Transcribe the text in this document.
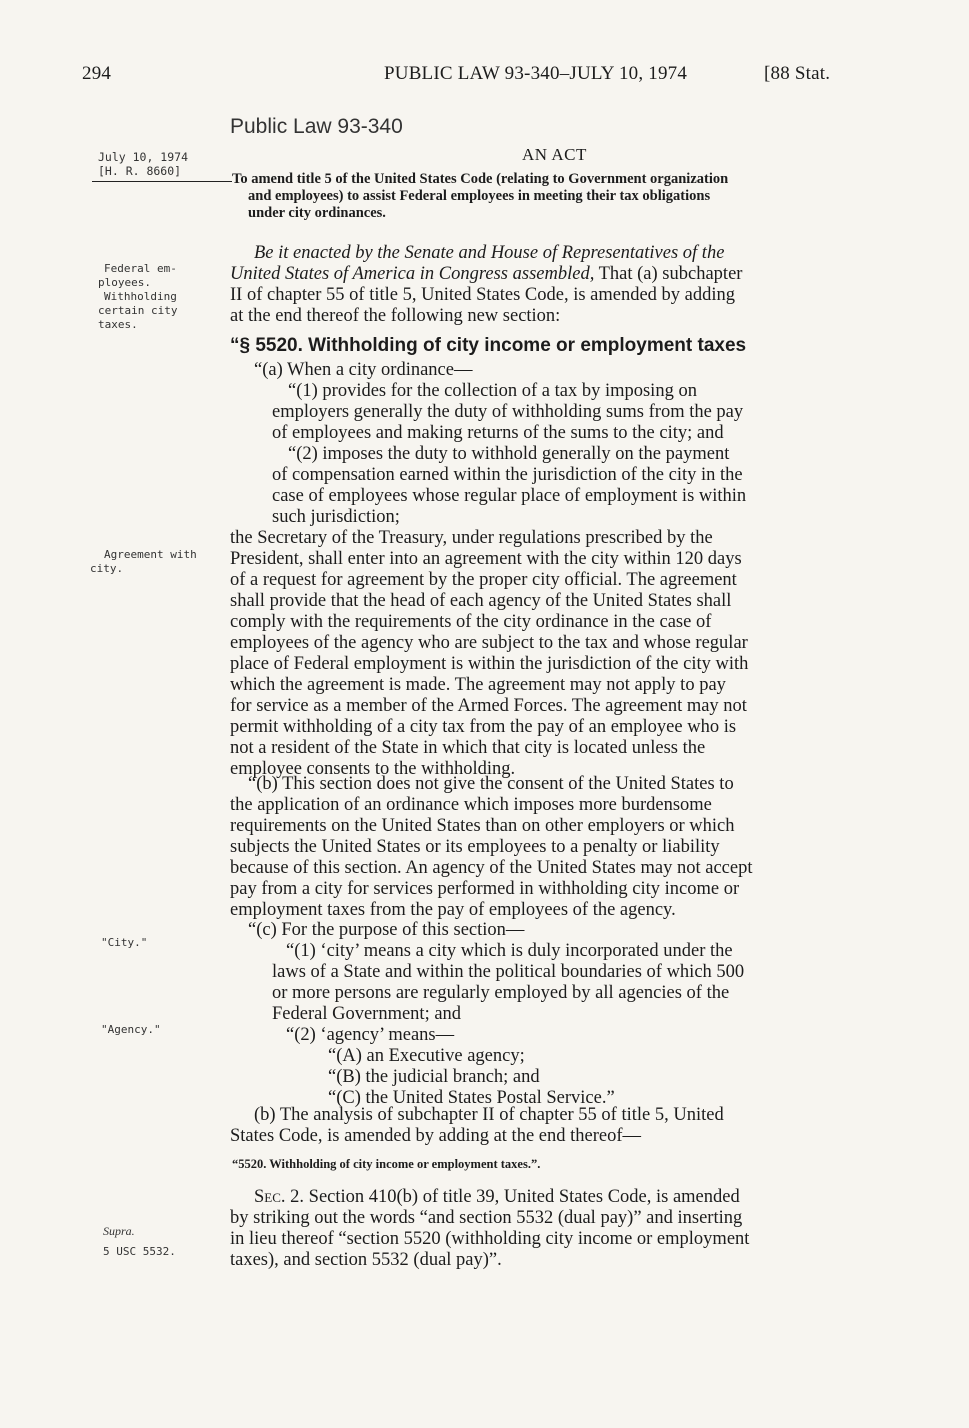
294	PUBLIC LAW 93-340–JULY 10, 1974	[88 Stat.
Public Law 93-340
AN ACT
July 10, 1974
[H. R. 8660]	To amend title 5 of the United States Code (relating to Government organization
and employees) to assist Federal employees in meeting their tax obligations
under city ordinances.
Federal em-
ployees.
Withholding
certain city
taxes.
Agreement with
city.
"City."
"Agency."
Supra.
5 USC 5532.

Be it enacted by the Senate and House of Representatives of the

United States of America in Congress assembled, That (a) subchapter

II of chapter 55 of title 5, United States Code, is amended by adding

at the end thereof the following new section:

“§ 5520. Withholding of city income or employment taxes

“(a) When a city ordinance—

“(1) provides for the collection of a tax by imposing on

employers generally the duty of withholding sums from the pay

of employees and making returns of the sums to the city; and

“(2) imposes the duty to withhold generally on the payment

of compensation earned within the jurisdiction of the city in the

case of employees whose regular place of employment is within

such jurisdiction;

the Secretary of the Treasury, under regulations prescribed by the

President, shall enter into an agreement with the city within 120 days

of a request for agreement by the proper city official. The agreement

shall provide that the head of each agency of the United States shall

comply with the requirements of the city ordinance in the case of

employees of the agency who are subject to the tax and whose regular

place of Federal employment is within the jurisdiction of the city with

which the agreement is made. The agreement may not apply to pay

for service as a member of the Armed Forces. The agreement may not

permit withholding of a city tax from the pay of an employee who is

not a resident of the State in which that city is located unless the

employee consents to the withholding.

“(b) This section does not give the consent of the United States to

the application of an ordinance which imposes more burdensome

requirements on the United States than on other employers or which

subjects the United States or its employees to a penalty or liability

because of this section. An agency of the United States may not accept

pay from a city for services performed in withholding city income or

employment taxes from the pay of employees of the agency.

“(c) For the purpose of this section—

“(1) ‘city’ means a city which is duly incorporated under the

laws of a State and within the political boundaries of which 500

or more persons are regularly employed by all agencies of the

Federal Government; and

“(2) ‘agency’ means—

“(A) an Executive agency;

“(B) the judicial branch; and

“(C) the United States Postal Service.”

(b) The analysis of subchapter II of chapter 55 of title 5, United

States Code, is amended by adding at the end thereof—

“5520. Withholding of city income or employment taxes.”.

Sec. 2. Section 410(b) of title 39, United States Code, is amended

by striking out the words “and section 5532 (dual pay)” and inserting

in lieu thereof “section 5520 (withholding city income or employment

taxes), and section 5532 (dual pay)”.
